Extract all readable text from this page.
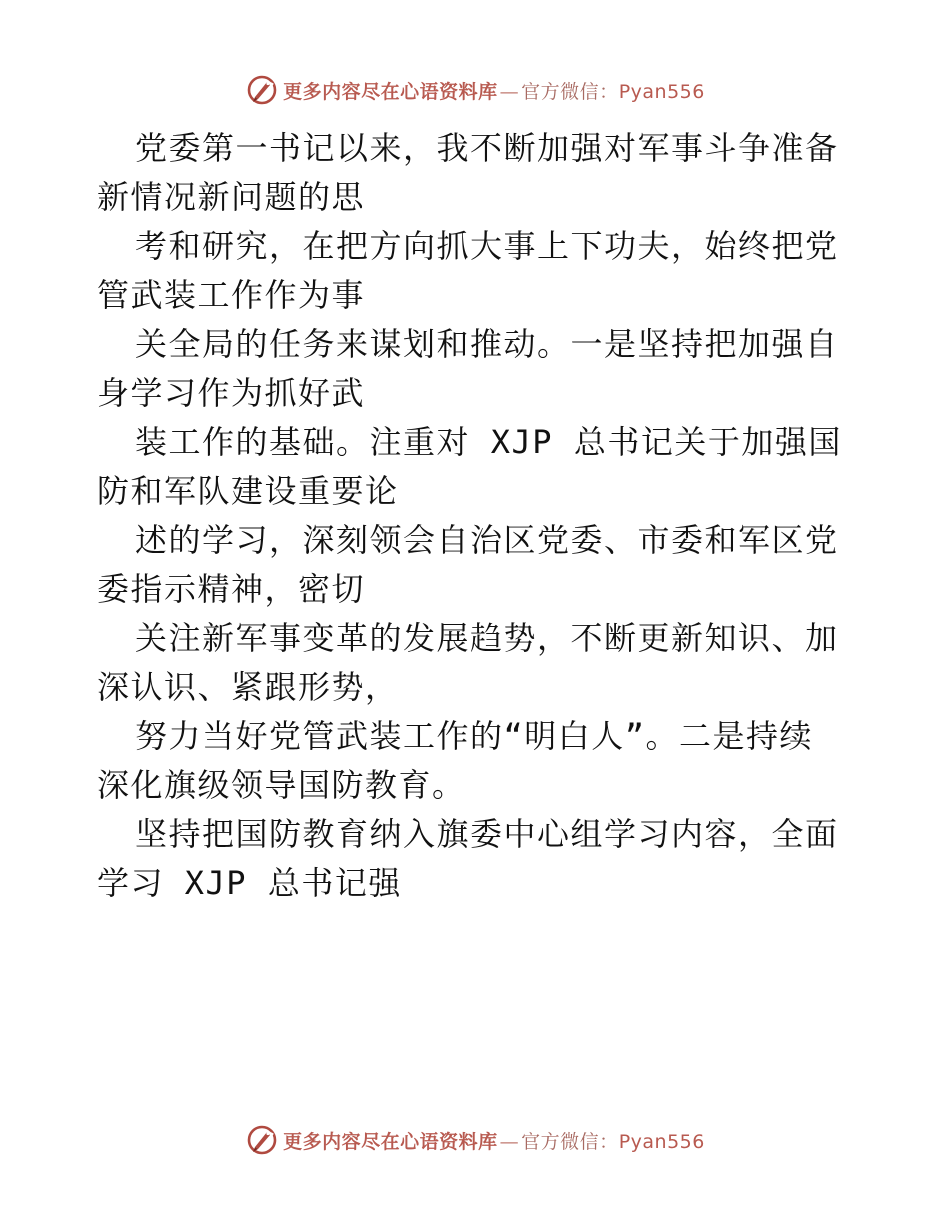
更多内容尽在心语资料库 — 官方微信：Pyan556
党委第一书记以来，我不断加强对军事斗争准备
新情况新问题的思
考和研究，在把方向抓大事上下功夫，始终把党
管武装工作作为事
关全局的任务来谋划和推动。一是坚持把加强自
身学习作为抓好武
装工作的基础。注重对 XJP 总书记关于加强国
防和军队建设重要论
述的学习，深刻领会自治区党委、市委和军区党
委指示精神，密切
关注新军事变革的发展趋势，不断更新知识、加
深认识、紧跟形势，
努力当好党管武装工作的“明白人”。二是持续
深化旗级领导国防教育。
坚持把国防教育纳入旗委中心组学习内容，全面
学习 XJP 总书记强
更多内容尽在心语资料库 — 官方微信：Pyan556
